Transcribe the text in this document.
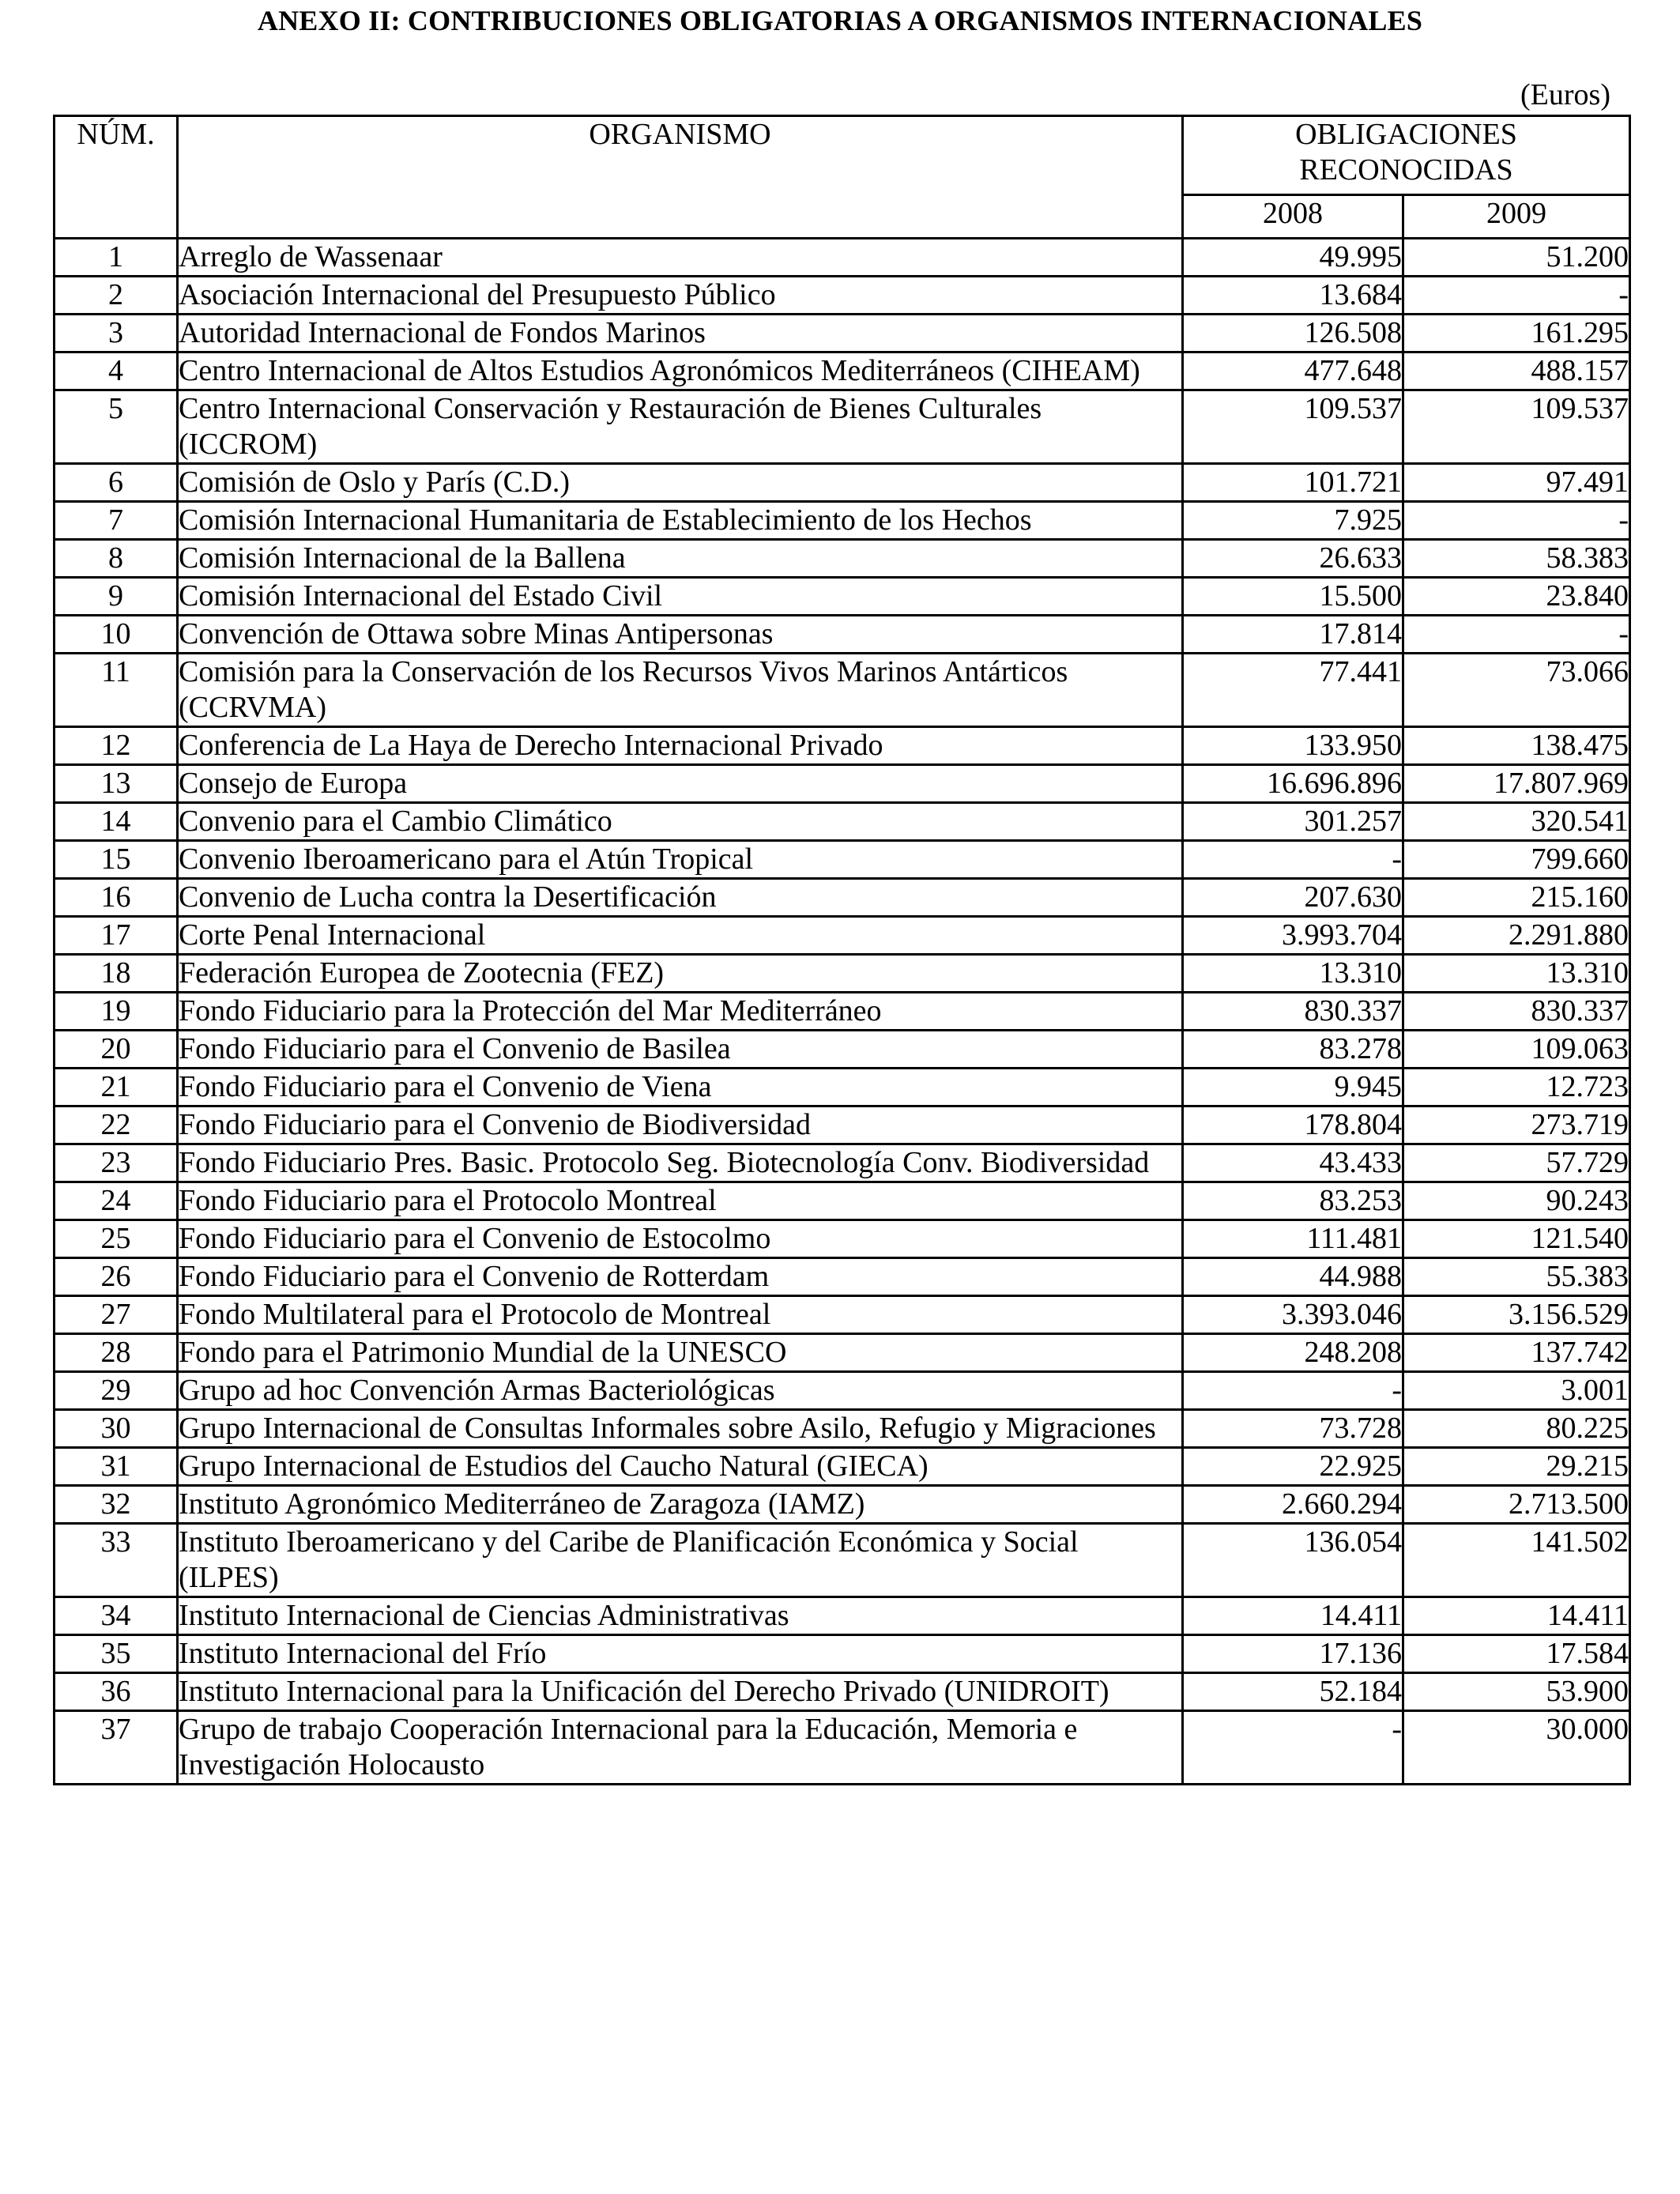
ANEXO II: CONTRIBUCIONES OBLIGATORIAS A ORGANISMOS INTERNACIONALES
(Euros)
NÚM.	ORGANISMO	OBLIGACIONES
RECONOCIDAS	

		2008	2009
1	Arreglo de Wassenaar	49.995	51.200
2	Asociación Internacional del Presupuesto Público	13.684	-
3	Autoridad Internacional de Fondos Marinos	126.508	161.295
4	Centro Internacional de Altos Estudios Agronómicos Mediterráneos (CIHEAM)	477.648	488.157
5	Centro Internacional Conservación y Restauración de Bienes Culturales (ICCROM)	109.537	109.537
6	Comisión de Oslo y París (C.D.)	101.721	97.491
7	Comisión Internacional Humanitaria de Establecimiento de los Hechos	7.925	-
8	Comisión Internacional de la Ballena	26.633	58.383
9	Comisión Internacional del Estado Civil	15.500	23.840
10	Convención de Ottawa sobre Minas Antipersonas	17.814	-
11	Comisión para la Conservación de los Recursos Vivos Marinos Antárticos (CCRVMA)	77.441	73.066
12	Conferencia de La Haya de Derecho Internacional Privado	133.950	138.475
13	Consejo de Europa	16.696.896	17.807.969
14	Convenio para el Cambio Climático	301.257	320.541
15	Convenio Iberoamericano para el Atún Tropical	-	799.660
16	Convenio de Lucha contra la Desertificación	207.630	215.160
17	Corte Penal Internacional	3.993.704	2.291.880
18	Federación Europea de Zootecnia (FEZ)	13.310	13.310
19	Fondo Fiduciario para la Protección del Mar Mediterráneo	830.337	830.337
20	Fondo Fiduciario para el Convenio de Basilea	83.278	109.063
21	Fondo Fiduciario para el Convenio de Viena	9.945	12.723
22	Fondo Fiduciario para el Convenio de Biodiversidad	178.804	273.719
23	Fondo Fiduciario Pres. Basic. Protocolo Seg. Biotecnología Conv. Biodiversidad	43.433	57.729
24	Fondo Fiduciario para el Protocolo Montreal	83.253	90.243
25	Fondo Fiduciario para el Convenio de Estocolmo	111.481	121.540
26	Fondo Fiduciario para el Convenio de Rotterdam	44.988	55.383
27	Fondo Multilateral para el Protocolo de Montreal	3.393.046	3.156.529
28	Fondo para el Patrimonio Mundial de la UNESCO	248.208	137.742
29	Grupo ad hoc Convención Armas Bacteriológicas	-	3.001
30	Grupo Internacional de Consultas Informales sobre Asilo, Refugio y Migraciones	73.728	80.225
31	Grupo Internacional de Estudios del Caucho Natural (GIECA)	22.925	29.215
32	Instituto Agronómico Mediterráneo de Zaragoza (IAMZ)	2.660.294	2.713.500
33	Instituto Iberoamericano y del Caribe de Planificación Económica y Social (ILPES)	136.054	141.502
34	Instituto Internacional de Ciencias Administrativas	14.411	14.411
35	Instituto Internacional del Frío	17.136	17.584
36	Instituto Internacional para la Unificación del Derecho Privado (UNIDROIT)	52.184	53.900
37	Grupo de trabajo Cooperación Internacional para la Educación, Memoria e Investigación Holocausto	-	30.000
